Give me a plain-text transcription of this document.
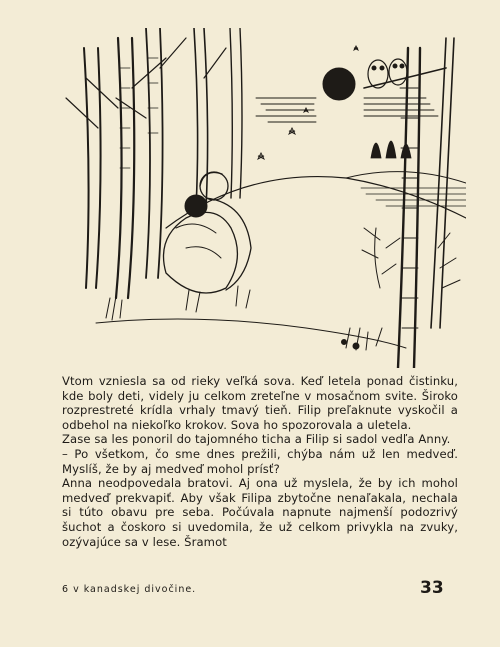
Vtom vzniesla sa od rieky veľká sova. Keď letela ponad čistinku, kde boly deti, videly ju celkom zreteľne v mosačnom svite. Široko rozprestreté krídla vrhaly tmavý tieň. Filip preľaknute vyskočil a odbehol na niekoľko krokov. Sova ho spozorovala a uletela.

Zase sa les ponoril do tajomného ticha a Filip si sadol vedľa Anny.

– Po všetkom, čo sme dnes prežili, chýba nám už len medveď. Myslíš, že by aj medveď mohol prísť?

Anna neodpovedala bratovi. Aj ona už myslela, že by ich mohol medveď prekvapiť. Aby však Filipa zbytočne nenaľakala, nechala si túto obavu pre seba. Počúvala napnute najmenší podozrivý šuchot a čoskoro si uvedomila, že už celkom privykla na zvuky, ozývajúce sa v lese. Šramot

6 v kanadskej divočine.	33
